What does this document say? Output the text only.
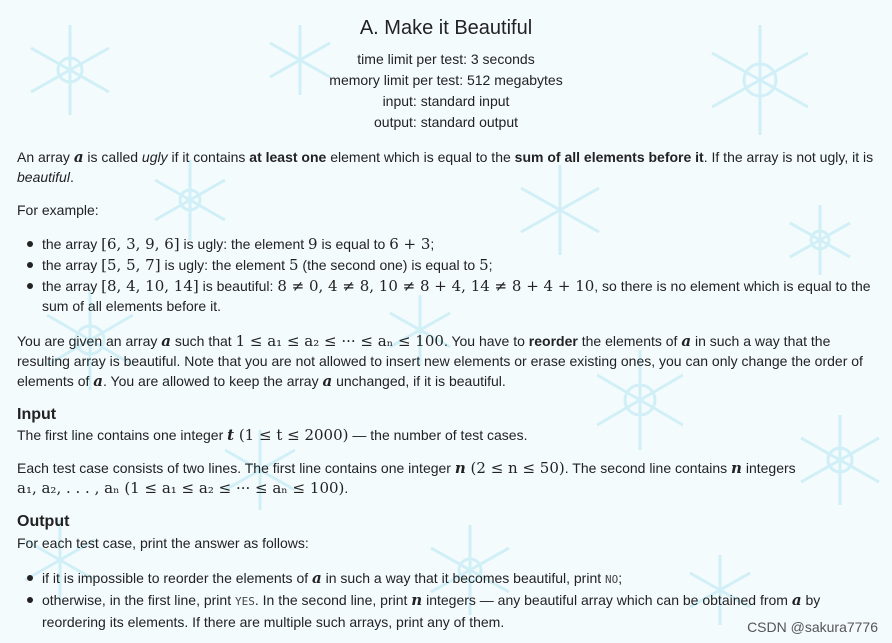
A. Make it Beautiful
time limit per test: 3 seconds
memory limit per test: 512 megabytes
input: standard input
output: standard output
An array a is called ugly if it contains at least one element which is equal to the sum of all elements before it. If the array is not ugly, it is beautiful.
For example:
the array [6, 3, 9, 6] is ugly: the element 9 is equal to 6 + 3;
the array [5, 5, 7] is ugly: the element 5 (the second one) is equal to 5;
the array [8, 4, 10, 14] is beautiful: 8 ≠ 0, 4 ≠ 8, 10 ≠ 8 + 4, 14 ≠ 8 + 4 + 10, so there is no element which is equal to the sum of all elements before it.
You are given an array a such that 1 ≤ a₁ ≤ a₂ ≤ ··· ≤ aₙ ≤ 100. You have to reorder the elements of a in such a way that the resulting array is beautiful. Note that you are not allowed to insert new elements or erase existing ones, you can only change the order of elements of a. You are allowed to keep the array a unchanged, if it is beautiful.
Input
The first line contains one integer t (1 ≤ t ≤ 2000) — the number of test cases.
Each test case consists of two lines. The first line contains one integer n (2 ≤ n ≤ 50). The second line contains n integers
a₁, a₂, . . . , aₙ (1 ≤ a₁ ≤ a₂ ≤ ··· ≤ aₙ ≤ 100).
Output
For each test case, print the answer as follows:
if it is impossible to reorder the elements of a in such a way that it becomes beautiful, print NO;
otherwise, in the first line, print YES. In the second line, print n integers — any beautiful array which can be obtained from a by reordering its elements. If there are multiple such arrays, print any of them.	CSDN @sakura7776
